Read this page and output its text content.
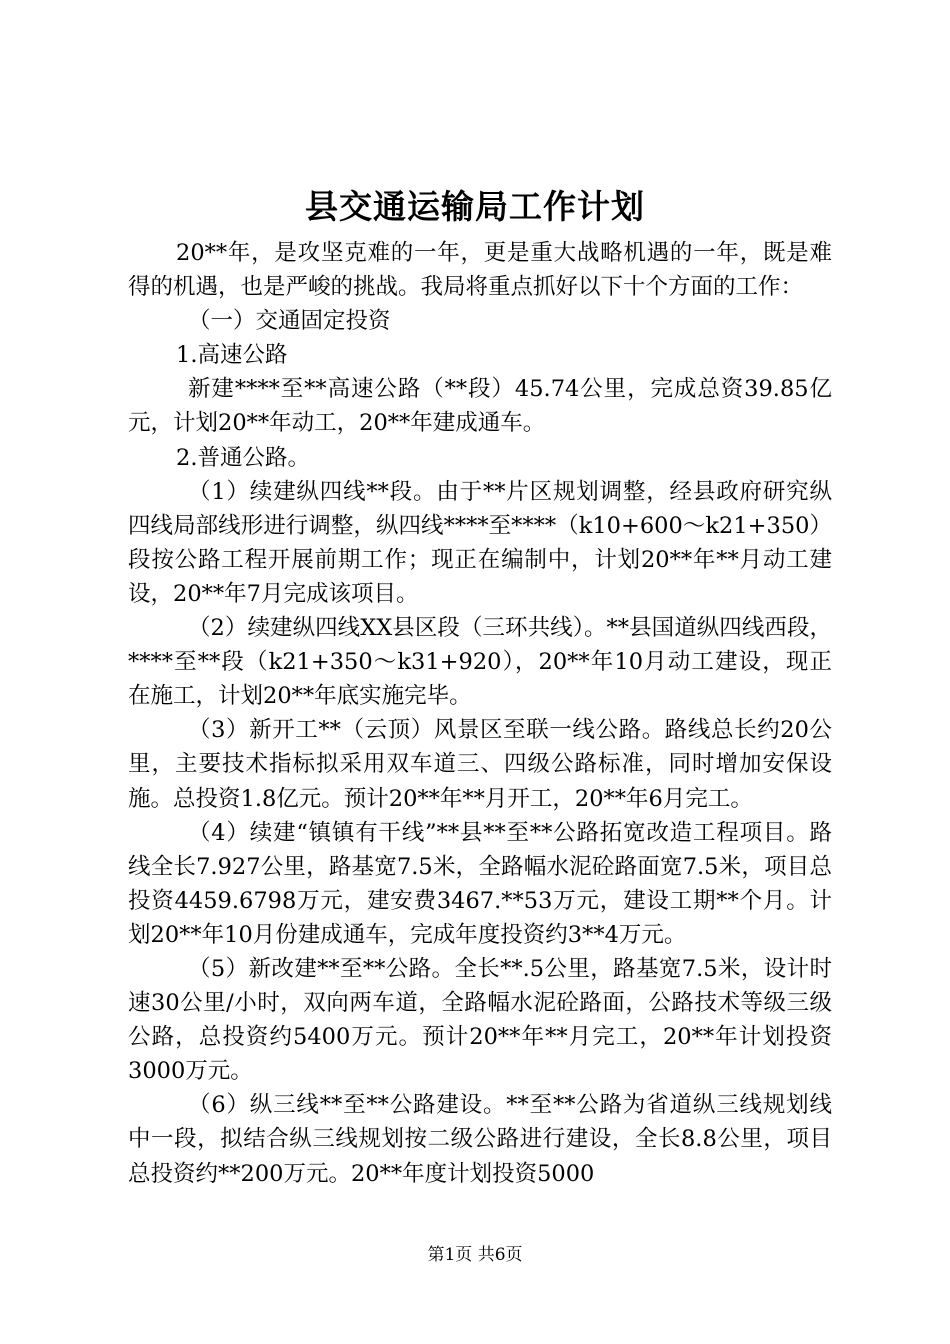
县交通运输局工作计划

20**年，是攻坚克难的一年，更是重大战略机遇的一年，既是难得的机遇，也是严峻的挑战。我局将重点抓好以下十个方面的工作：

（一）交通固定投资

1.高速公路

新建****至**高速公路（**段）45.74公里，完成总资39.85亿元，计划20**年动工，20**年建成通车。

2.普通公路。

（1）续建纵四线**段。由于**片区规划调整，经县政府研究纵四线局部线形进行调整，纵四线****至****（k10+600～k21+350）段按公路工程开展前期工作；现正在编制中，计划20**年**月动工建设，20**年7月完成该项目。

（2）续建纵四线XX县区段（三环共线）。**县国道纵四线西段，****至**段（k21+350～k31+920），20**年10月动工建设，现正在施工，计划20**年底实施完毕。

（3）新开工**（云顶）风景区至联一线公路。路线总长约20公里，主要技术指标拟采用双车道三、四级公路标准，同时增加安保设施。总投资1.8亿元。预计20**年**月开工，20**年6月完工。

（4）续建“镇镇有干线”**县**至**公路拓宽改造工程项目。路线全长7.927公里，路基宽7.5米，全路幅水泥砼路面宽7.5米，项目总投资4459.6798万元，建安费3467.**53万元，建设工期**个月。计划20**年10月份建成通车，完成年度投资约3**4万元。

（5）新改建**至**公路。全长**.5公里，路基宽7.5米，设计时速30公里/小时，双向两车道，全路幅水泥砼路面，公路技术等级三级公路，总投资约5400万元。预计20**年**月完工，20**年计划投资3000万元。

（6）纵三线**至**公路建设。**至**公路为省道纵三线规划线中一段，拟结合纵三线规划按二级公路进行建设，全长8.8公里，项目总投资约**200万元。20**年度计划投资5000

第1页 共6页
